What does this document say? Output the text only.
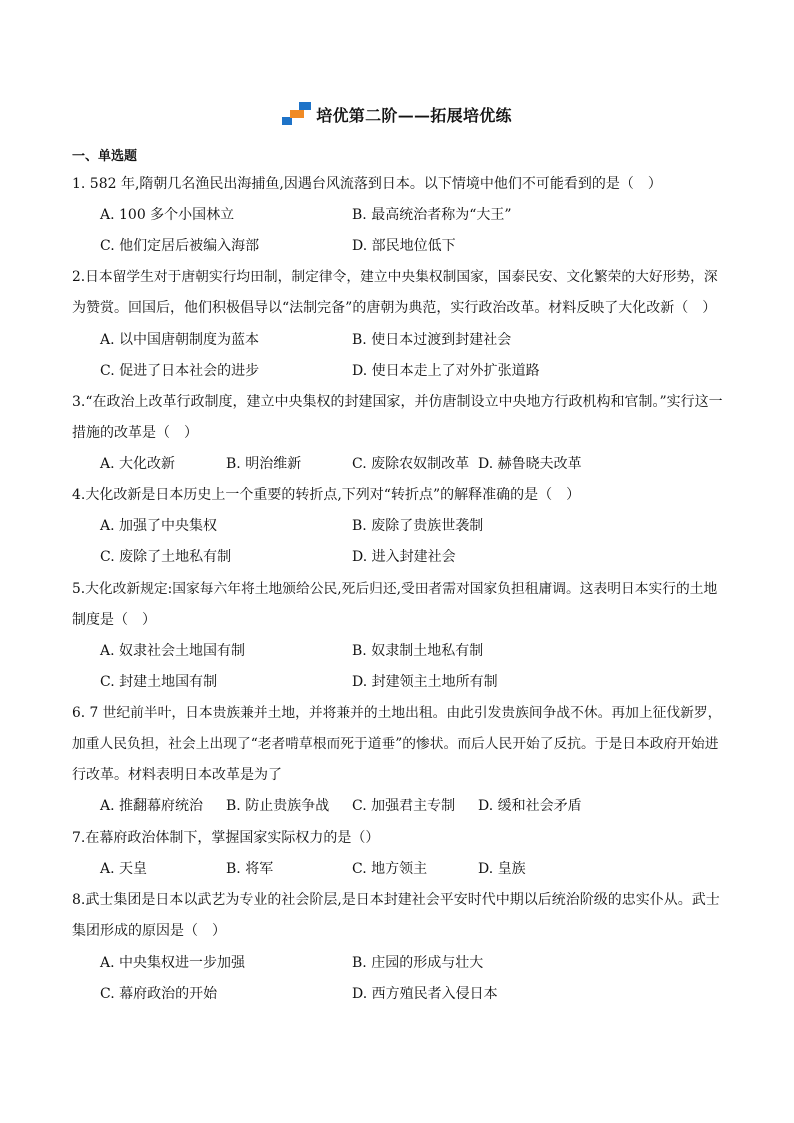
培优第二阶——拓展培优练
一、单选题
1. 582 年,隋朝几名渔民出海捕鱼,因遇台风流落到日本。以下情境中他们不可能看到的是（　）
A. 100 多个小国林立	B. 最高统治者称为“大王”
C. 他们定居后被编入海部	D. 部民地位低下
2.日本留学生对于唐朝实行均田制，制定律令，建立中央集权制国家，国泰民安、文化繁荣的大好形势，深
为赞赏。回国后，他们积极倡导以“法制完备”的唐朝为典范，实行政治改革。材料反映了大化改新（　）
A. 以中国唐朝制度为蓝本	B. 使日本过渡到封建社会
C. 促进了日本社会的进步	D. 使日本走上了对外扩张道路
3.“在政治上改革行政制度，建立中央集权的封建国家，并仿唐制设立中央地方行政机构和官制。”实行这一
措施的改革是（　）
A. 大化改新	B. 明治维新	C. 废除农奴制改革 D. 赫鲁晓夫改革
4.大化改新是日本历史上一个重要的转折点,下列对“转折点”的解释准确的是（　）
A. 加强了中央集权	B. 废除了贵族世袭制
C. 废除了土地私有制	D. 进入封建社会
5.大化改新规定:国家每六年将土地颁给公民,死后归还,受田者需对国家负担租庸调。这表明日本实行的土地
制度是（　）
A. 奴隶社会土地国有制	B. 奴隶制土地私有制
C. 封建土地国有制	D. 封建领主土地所有制
6. 7 世纪前半叶，日本贵族兼并土地，并将兼并的土地出租。由此引发贵族间争战不休。再加上征伐新罗，
加重人民负担，社会上出现了“老者啃草根而死于道垂”的惨状。而后人民开始了反抗。于是日本政府开始进
行改革。材料表明日本改革是为了
A. 推翻幕府统治 B. 防止贵族争战 C. 加强君主专制 D. 缓和社会矛盾
7.在幕府政治体制下，掌握国家实际权力的是（）
A. 天皇	B. 将军	C. 地方领主	D. 皇族
8.武士集团是日本以武艺为专业的社会阶层,是日本封建社会平安时代中期以后统治阶级的忠实仆从。武士
集团形成的原因是（　）
A. 中央集权进一步加强	B. 庄园的形成与壮大
C. 幕府政治的开始	D. 西方殖民者入侵日本
